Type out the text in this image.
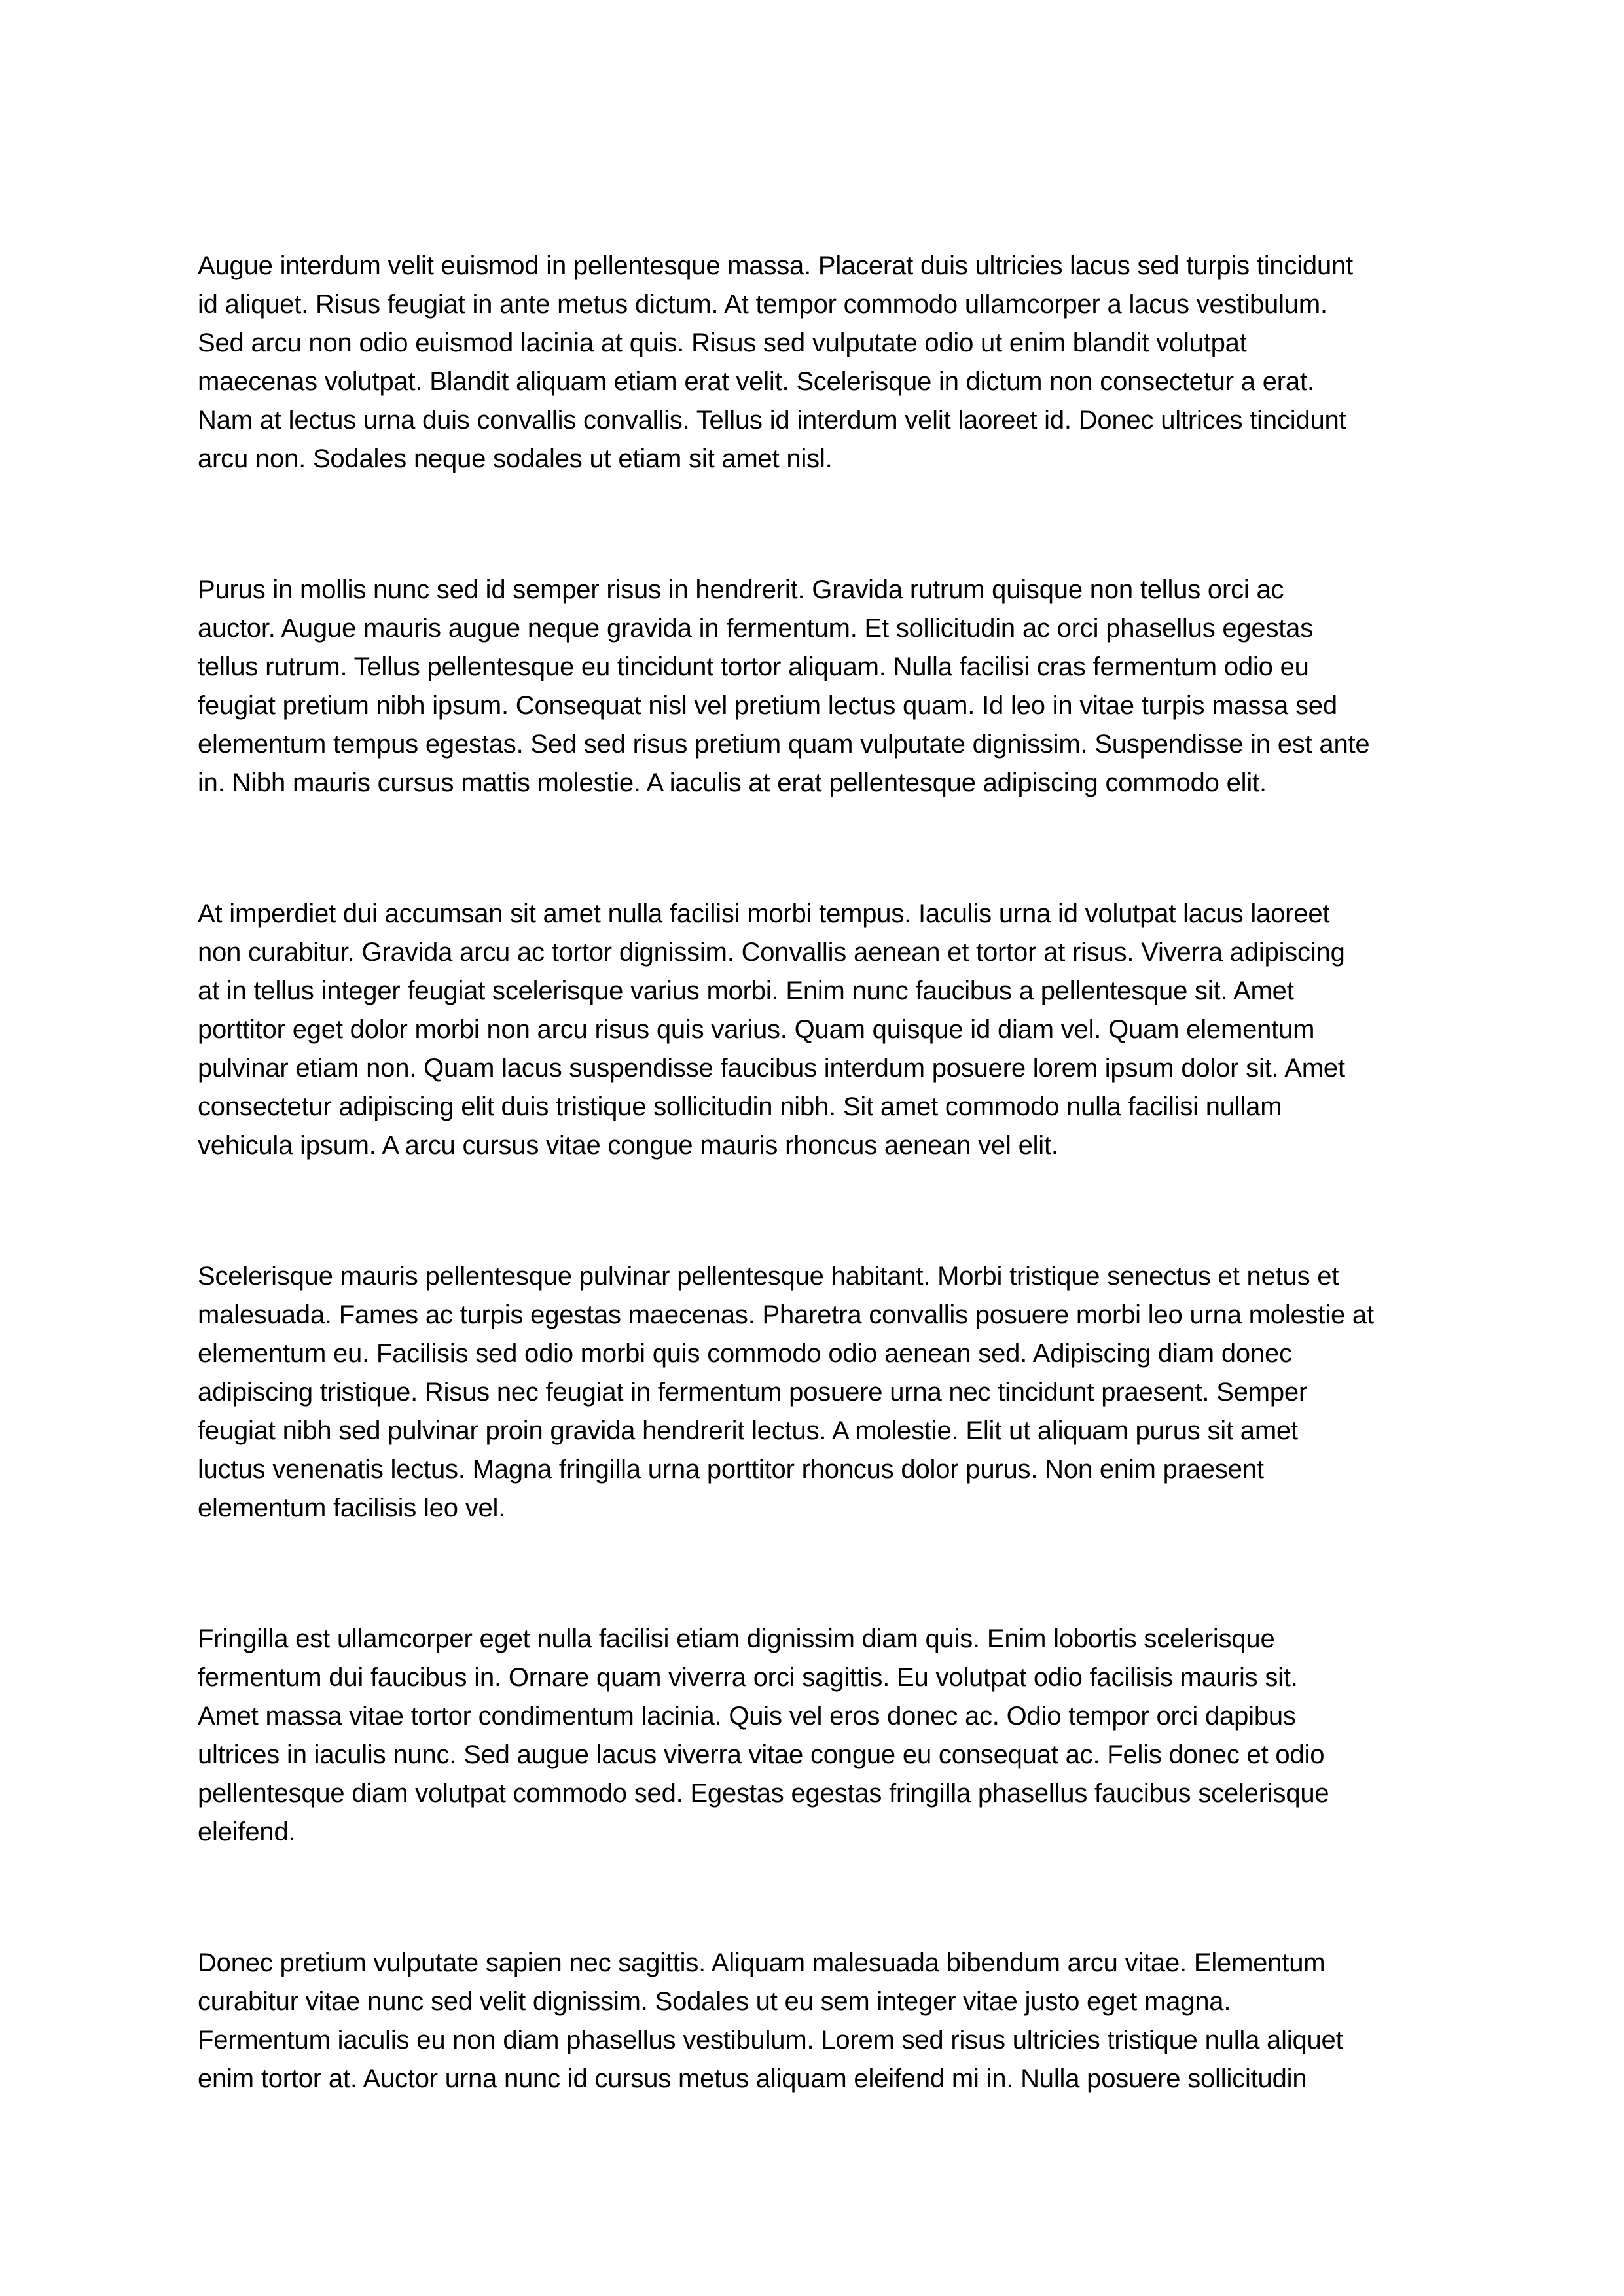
Augue interdum velit euismod in pellentesque massa. Placerat duis ultricies lacus sed turpis tincidunt
id aliquet. Risus feugiat in ante metus dictum. At tempor commodo ullamcorper a lacus vestibulum.
Sed arcu non odio euismod lacinia at quis. Risus sed vulputate odio ut enim blandit volutpat
maecenas volutpat. Blandit aliquam etiam erat velit. Scelerisque in dictum non consectetur a erat.
Nam at lectus urna duis convallis convallis. Tellus id interdum velit laoreet id. Donec ultrices tincidunt
arcu non. Sodales neque sodales ut etiam sit amet nisl.

Purus in mollis nunc sed id semper risus in hendrerit. Gravida rutrum quisque non tellus orci ac
auctor. Augue mauris augue neque gravida in fermentum. Et sollicitudin ac orci phasellus egestas
tellus rutrum. Tellus pellentesque eu tincidunt tortor aliquam. Nulla facilisi cras fermentum odio eu
feugiat pretium nibh ipsum. Consequat nisl vel pretium lectus quam. Id leo in vitae turpis massa sed
elementum tempus egestas. Sed sed risus pretium quam vulputate dignissim. Suspendisse in est ante
in. Nibh mauris cursus mattis molestie. A iaculis at erat pellentesque adipiscing commodo elit.

At imperdiet dui accumsan sit amet nulla facilisi morbi tempus. Iaculis urna id volutpat lacus laoreet
non curabitur. Gravida arcu ac tortor dignissim. Convallis aenean et tortor at risus. Viverra adipiscing
at in tellus integer feugiat scelerisque varius morbi. Enim nunc faucibus a pellentesque sit. Amet
porttitor eget dolor morbi non arcu risus quis varius. Quam quisque id diam vel. Quam elementum
pulvinar etiam non. Quam lacus suspendisse faucibus interdum posuere lorem ipsum dolor sit. Amet
consectetur adipiscing elit duis tristique sollicitudin nibh. Sit amet commodo nulla facilisi nullam
vehicula ipsum. A arcu cursus vitae congue mauris rhoncus aenean vel elit.

Scelerisque mauris pellentesque pulvinar pellentesque habitant. Morbi tristique senectus et netus et
malesuada. Fames ac turpis egestas maecenas. Pharetra convallis posuere morbi leo urna molestie at
elementum eu. Facilisis sed odio morbi quis commodo odio aenean sed. Adipiscing diam donec
adipiscing tristique. Risus nec feugiat in fermentum posuere urna nec tincidunt praesent. Semper
feugiat nibh sed pulvinar proin gravida hendrerit lectus. A molestie. Elit ut aliquam purus sit amet
luctus venenatis lectus. Magna fringilla urna porttitor rhoncus dolor purus. Non enim praesent
elementum facilisis leo vel.

Fringilla est ullamcorper eget nulla facilisi etiam dignissim diam quis. Enim lobortis scelerisque
fermentum dui faucibus in. Ornare quam viverra orci sagittis. Eu volutpat odio facilisis mauris sit.
Amet massa vitae tortor condimentum lacinia. Quis vel eros donec ac. Odio tempor orci dapibus
ultrices in iaculis nunc. Sed augue lacus viverra vitae congue eu consequat ac. Felis donec et odio
pellentesque diam volutpat commodo sed. Egestas egestas fringilla phasellus faucibus scelerisque
eleifend.

Donec pretium vulputate sapien nec sagittis. Aliquam malesuada bibendum arcu vitae. Elementum
curabitur vitae nunc sed velit dignissim. Sodales ut eu sem integer vitae justo eget magna.
Fermentum iaculis eu non diam phasellus vestibulum. Lorem sed risus ultricies tristique nulla aliquet
enim tortor at. Auctor urna nunc id cursus metus aliquam eleifend mi in. Nulla posuere sollicitudin
